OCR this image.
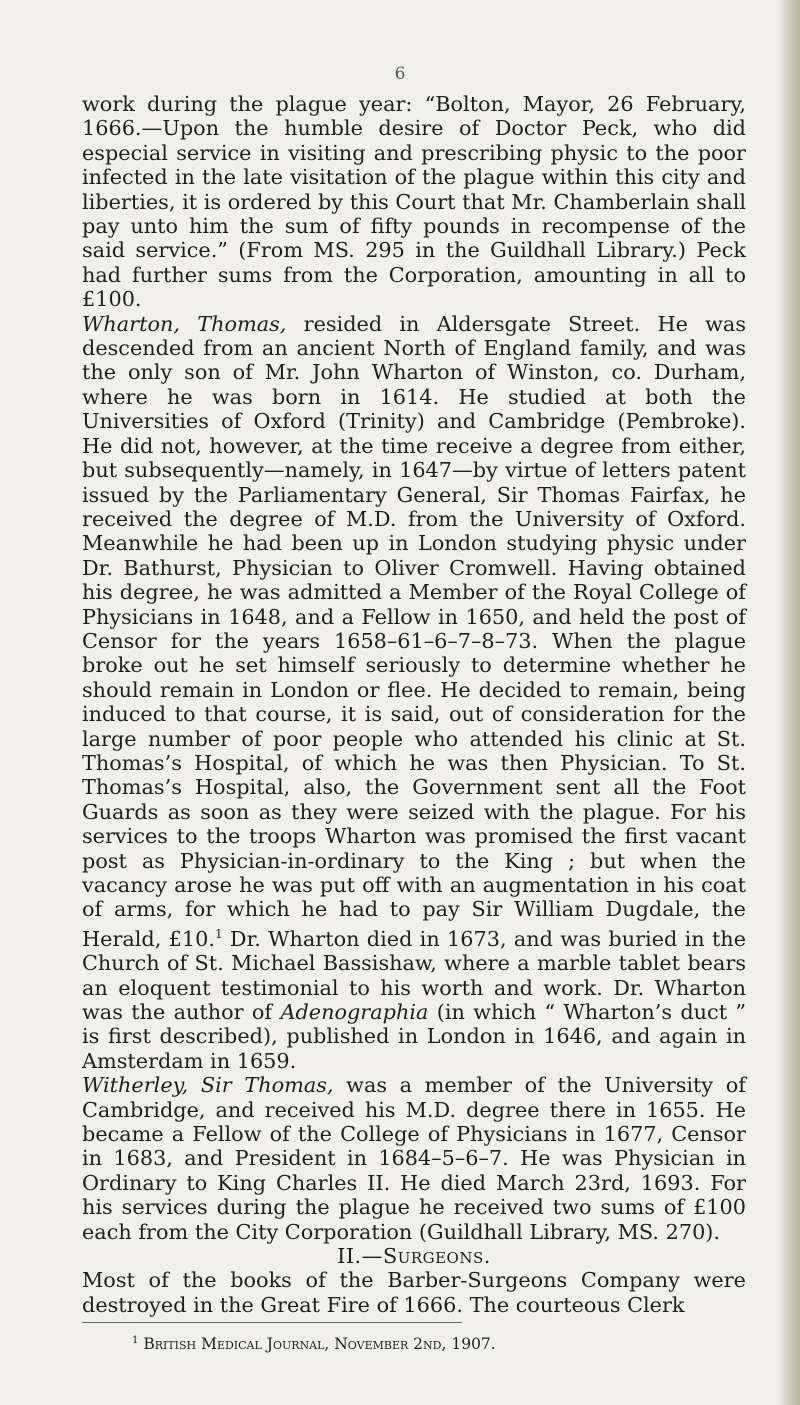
6

work during the plague year: “Bolton, Mayor, 26 February, 1666.—Upon the humble desire of Doctor Peck, who did especial service in visiting and prescribing physic to the poor infected in the late visitation of the plague within this city and liberties, it is ordered by this Court that Mr. Chamberlain shall pay unto him the sum of fifty pounds in recompense of the said service.” (From MS. 295 in the Guildhall Library.) Peck had further sums from the Corporation, amounting in all to £100.

Wharton, Thomas, resided in Aldersgate Street. He was descended from an ancient North of England family, and was the only son of Mr. John Wharton of Winston, co. Durham, where he was born in 1614. He studied at both the Universities of Oxford (Trinity) and Cambridge (Pembroke). He did not, however, at the time receive a degree from either, but subsequently—namely, in 1647—by virtue of letters patent issued by the Parliamentary General, Sir Thomas Fairfax, he received the degree of M.D. from the University of Oxford. Meanwhile he had been up in London studying physic under Dr. Bathurst, Physician to Oliver Cromwell. Having obtained his degree, he was admitted a Member of the Royal College of Physicians in 1648, and a Fellow in 1650, and held the post of Censor for the years 1658–61–6–7–8–73. When the plague broke out he set himself seriously to determine whether he should remain in London or flee. He decided to remain, being induced to that course, it is said, out of consideration for the large number of poor people who attended his clinic at St. Thomas’s Hospital, of which he was then Physician. To St. Thomas’s Hospital, also, the Government sent all the Foot Guards as soon as they were seized with the plague. For his services to the troops Wharton was promised the first vacant post as Physician-in-ordinary to the King ; but when the vacancy arose he was put off with an augmentation in his coat of arms, for which he had to pay Sir William Dugdale, the Herald, £10.$^1$ Dr. Wharton died in 1673, and was buried in the Church of St. Michael Bassishaw, where a marble tablet bears an eloquent testimonial to his worth and work. Dr. Wharton was the author of Adenographia (in which “ Wharton’s duct ” is first described), published in London in 1646, and again in Amsterdam in 1659.

Witherley, Sir Thomas, was a member of the University of Cambridge, and received his M.D. degree there in 1655. He became a Fellow of the College of Physicians in 1677, Censor in 1683, and President in 1684–5–6–7. He was Physician in Ordinary to King Charles II. He died March 23rd, 1693. For his services during the plague he received two sums of £100 each from the City Corporation (Guildhall Library, MS. 270).

II.—Surgeons.

Most of the books of the Barber-Surgeons Company were destroyed in the Great Fire of 1666. The courteous Clerk

$^1$ British Medical Journal, November 2nd, 1907.
